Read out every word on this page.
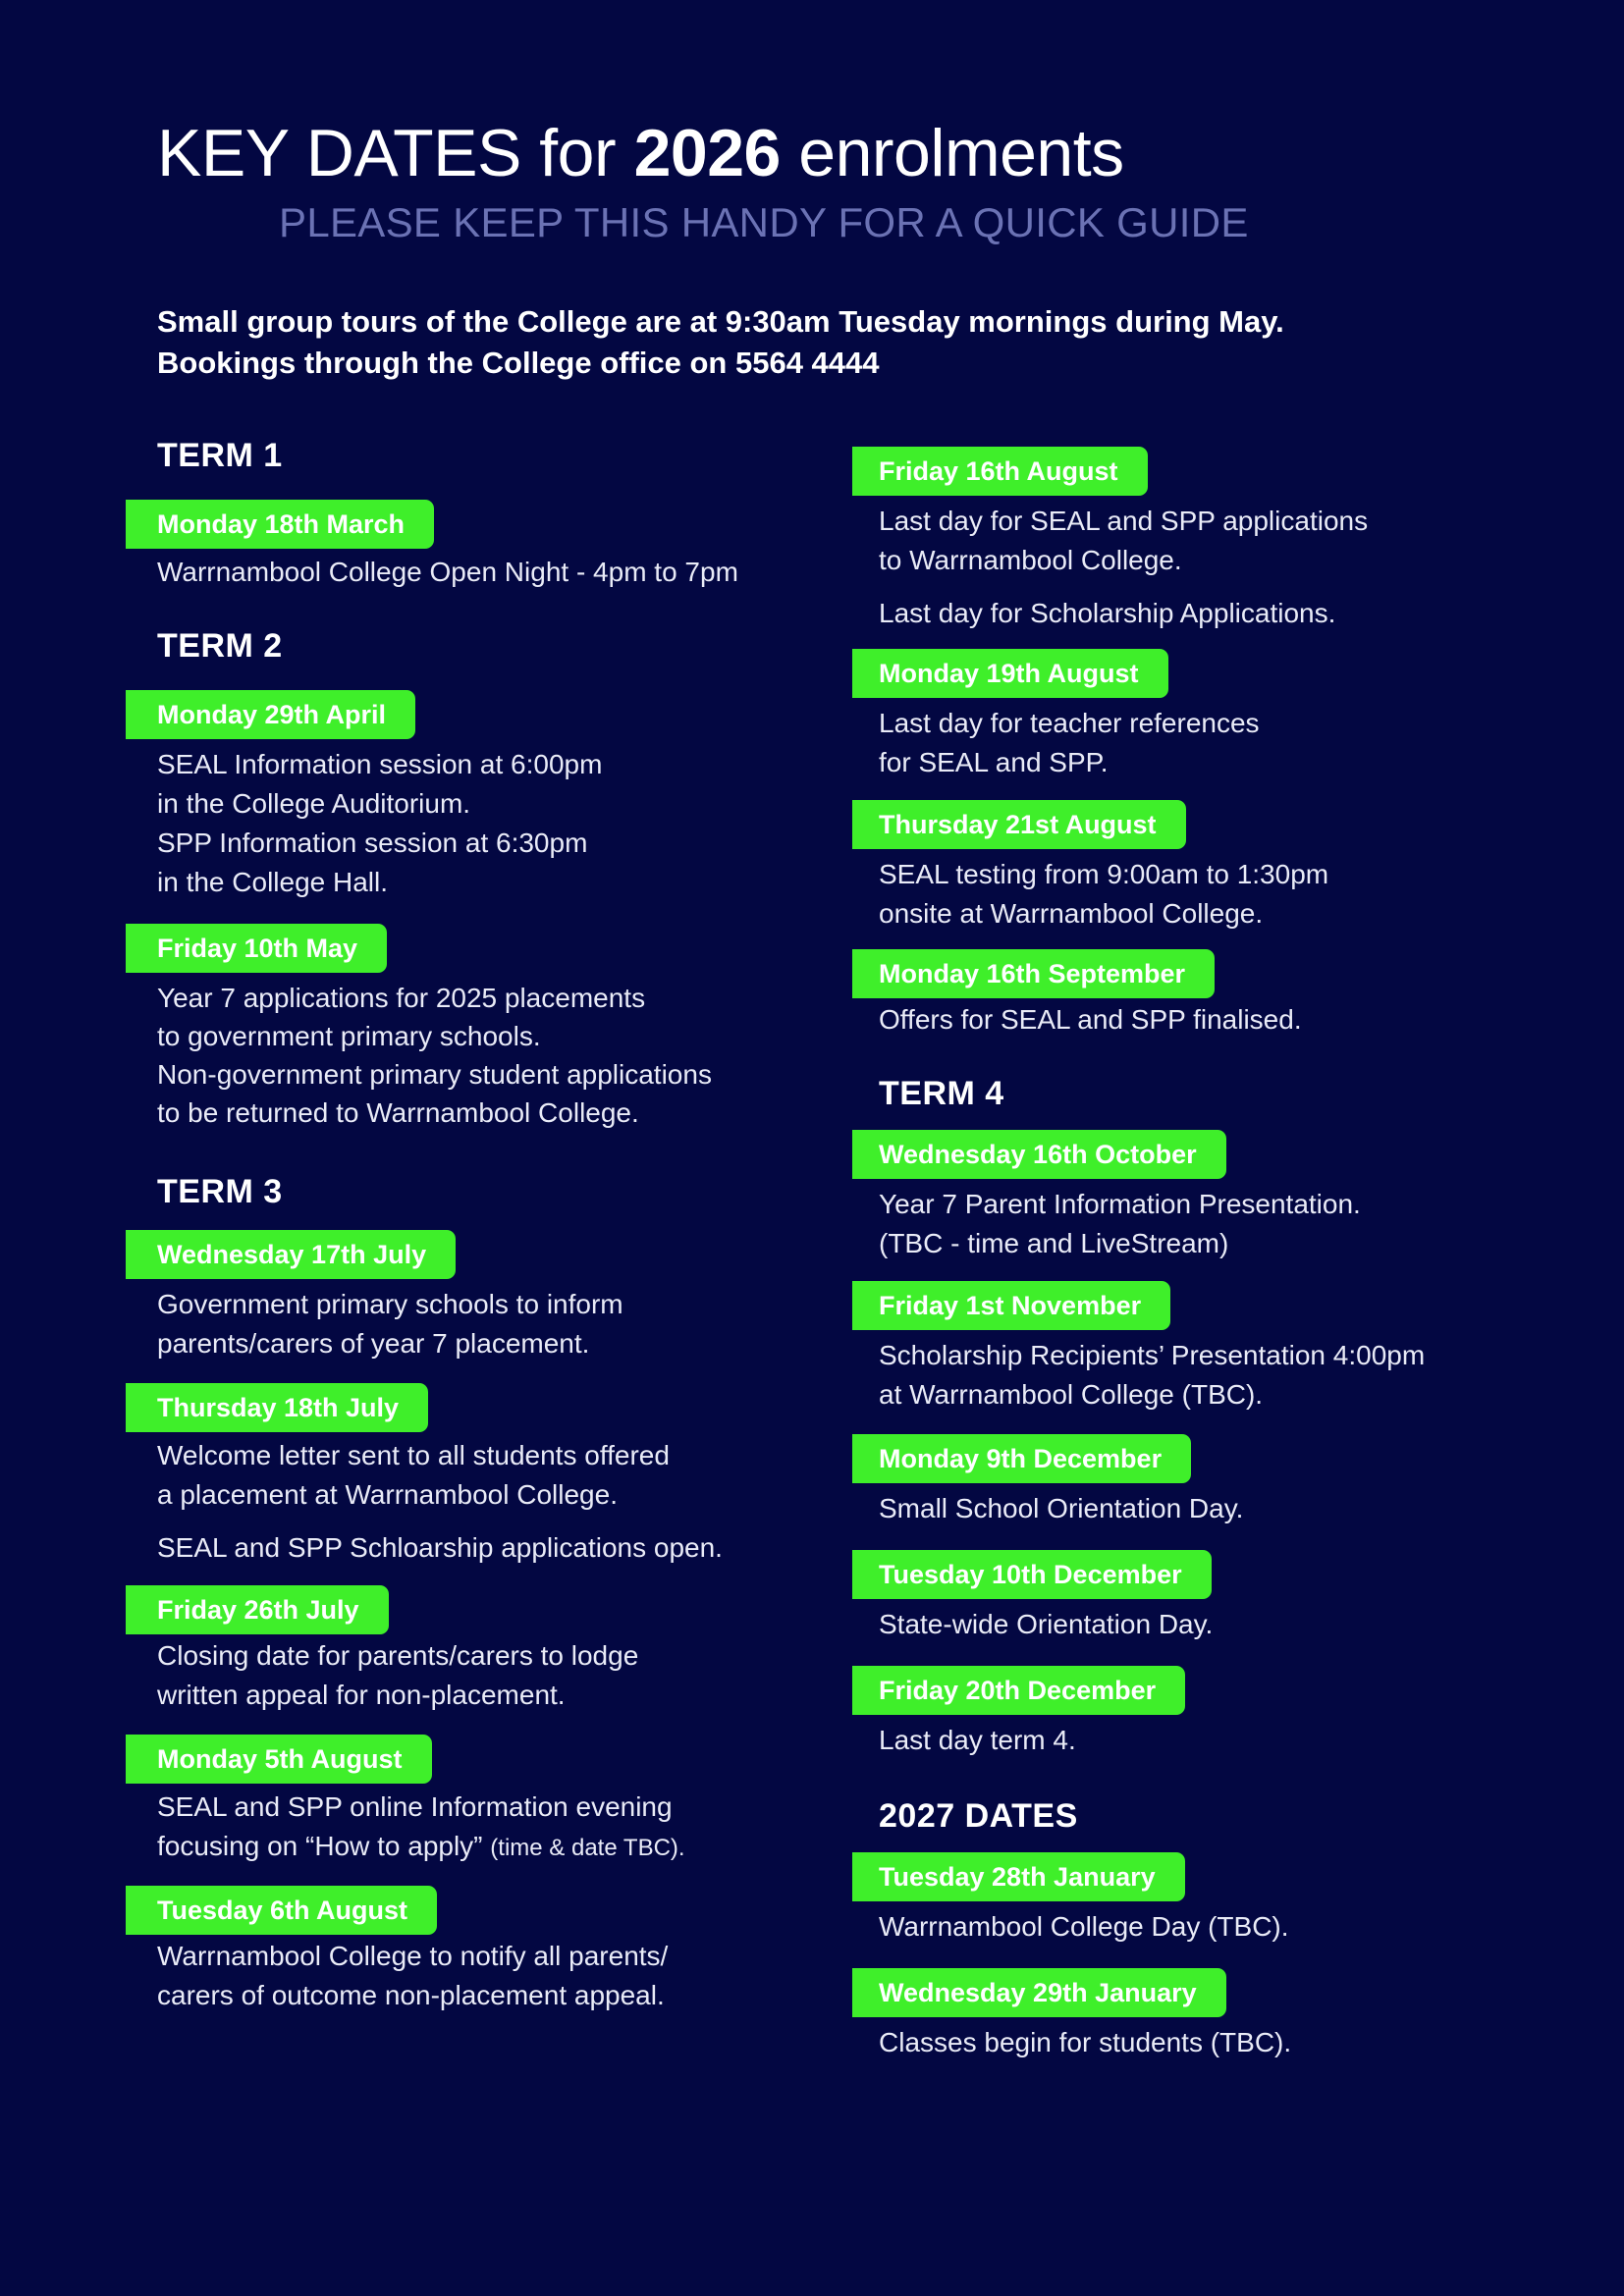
KEY DATES for 2026 enrolments
PLEASE KEEP THIS HANDY FOR A QUICK GUIDE
Small group tours of the College are at 9:30am Tuesday mornings during May.
Bookings through the College office on 5564 4444
TERM 1
Monday 18th March
Warrnambool College Open Night - 4pm to 7pm
TERM 2
Monday 29th April
SEAL Information session at 6:00pm
in the College Auditorium.
SPP Information session at 6:30pm
in the College Hall.
Friday 10th May
Year 7 applications for 2025 placements
to government primary schools.
Non-government primary student applications
to be returned to Warrnambool College.
TERM 3
Wednesday 17th July
Government primary schools to inform
parents/carers of year 7 placement.
Thursday 18th July
Welcome letter sent to all students offered
a placement at Warrnambool College.
SEAL and SPP Schloarship applications open.
Friday 26th July
Closing date for parents/carers to lodge
written appeal for non-placement.
Monday 5th August
SEAL and SPP online Information evening
focusing on “How to apply” (time & date TBC).
Tuesday 6th August
Warrnambool College to notify all parents/
carers of outcome non-placement appeal.
Friday 16th August
Last day for SEAL and SPP applications
to Warrnambool College.
Last day for Scholarship Applications.
Monday 19th August
Last day for teacher references
for SEAL and SPP.
Thursday 21st August
SEAL testing from 9:00am to 1:30pm
onsite at Warrnambool College.
Monday 16th September
Offers for SEAL and SPP finalised.
TERM 4
Wednesday 16th October
Year 7 Parent Information Presentation.
(TBC - time and LiveStream)
Friday 1st November
Scholarship Recipients’ Presentation 4:00pm
at Warrnambool College (TBC).
Monday 9th December
Small School Orientation Day.
Tuesday 10th December
State-wide Orientation Day.
Friday 20th December
Last day term 4.
2027 DATES
Tuesday 28th January
Warrnambool College Day (TBC).
Wednesday 29th January
Classes begin for students (TBC).
